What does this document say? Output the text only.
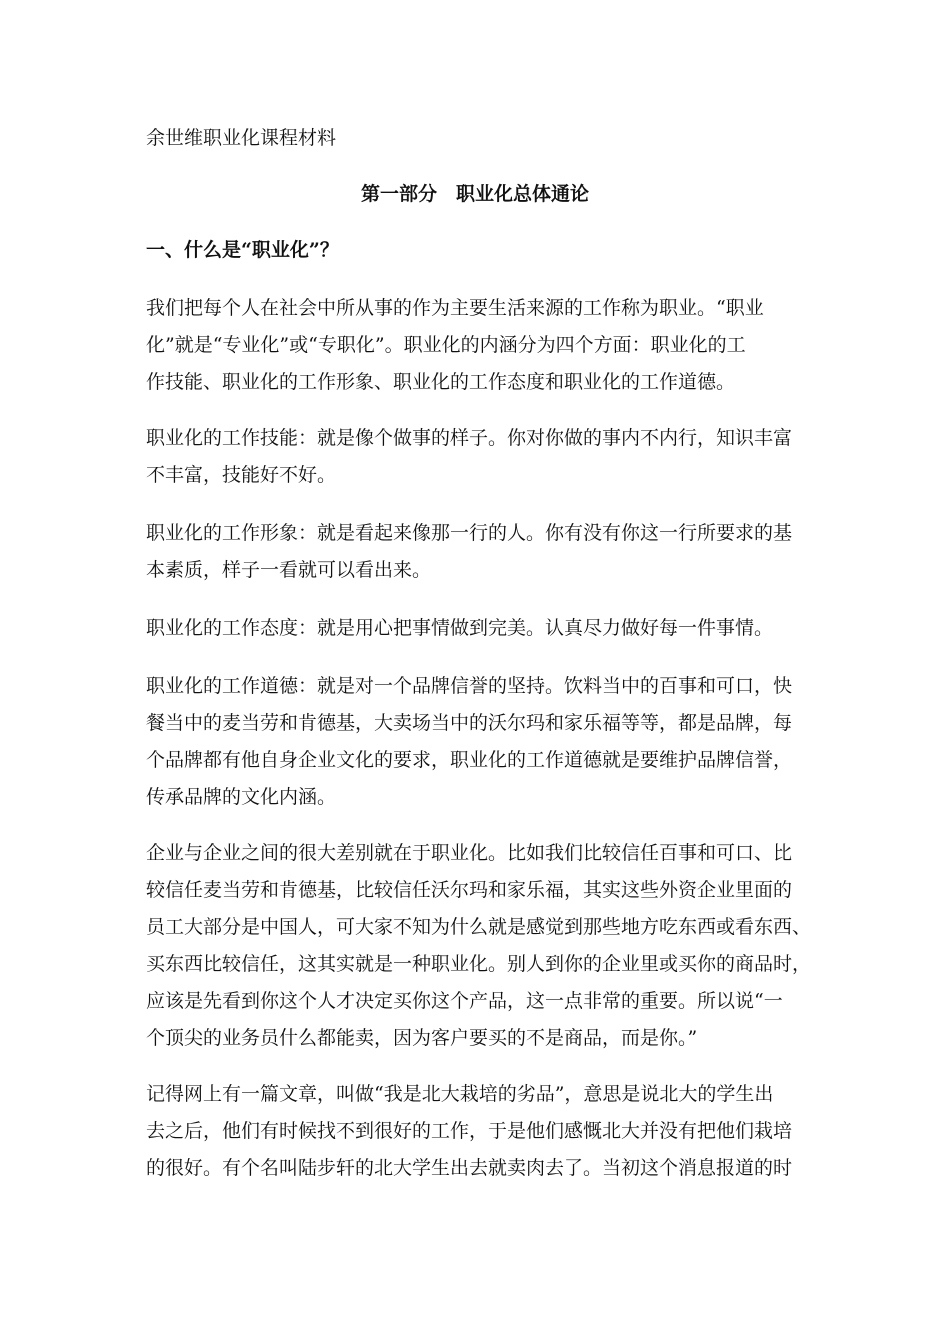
余世维职业化课程材料

第一部分　职业化总体通论

一、什么是“职业化”？

我们把每个人在社会中所从事的作为主要生活来源的工作称为职业。“职业
化”就是“专业化”或“专职化”。职业化的内涵分为四个方面：职业化的工
作技能、职业化的工作形象、职业化的工作态度和职业化的工作道德。

职业化的工作技能：就是像个做事的样子。你对你做的事内不内行，知识丰富
不丰富，技能好不好。

职业化的工作形象：就是看起来像那一行的人。你有没有你这一行所要求的基
本素质，样子一看就可以看出来。

职业化的工作态度：就是用心把事情做到完美。认真尽力做好每一件事情。

职业化的工作道德：就是对一个品牌信誉的坚持。饮料当中的百事和可口，快
餐当中的麦当劳和肯德基，大卖场当中的沃尔玛和家乐福等等，都是品牌，每
个品牌都有他自身企业文化的要求，职业化的工作道德就是要维护品牌信誉，
传承品牌的文化内涵。

企业与企业之间的很大差别就在于职业化。比如我们比较信任百事和可口、比
较信任麦当劳和肯德基，比较信任沃尔玛和家乐福，其实这些外资企业里面的
员工大部分是中国人，可大家不知为什么就是感觉到那些地方吃东西或看东西、
买东西比较信任，这其实就是一种职业化。别人到你的企业里或买你的商品时，
应该是先看到你这个人才决定买你这个产品，这一点非常的重要。所以说“一
个顶尖的业务员什么都能卖，因为客户要买的不是商品，而是你。”

记得网上有一篇文章，叫做“我是北大栽培的劣品”，意思是说北大的学生出
去之后，他们有时候找不到很好的工作，于是他们感慨北大并没有把他们栽培
的很好。有个名叫陆步轩的北大学生出去就卖肉去了。当初这个消息报道的时
